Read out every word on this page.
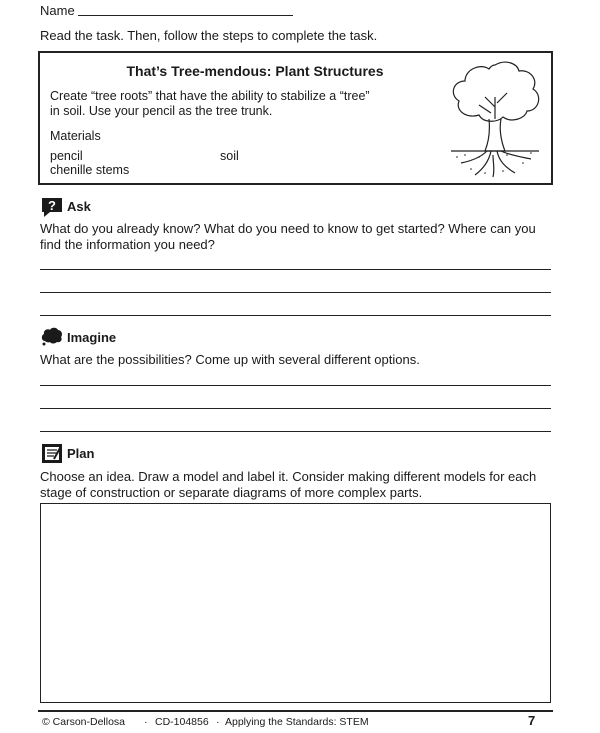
Name
Read the task. Then, follow the steps to complete the task.
That’s Tree-mendous: Plant Structures
Create “tree roots” that have the ability to stabilize a “tree”
in soil. Use your pencil as the tree trunk.
Materials
pencil	soil
chenille stems
? Ask
What do you already know? What do you need to know to get started? Where can you
find the information you need?
Imagine
What are the possibilities? Come up with several different options.
Plan
Choose an idea. Draw a model and label it. Consider making different models for each
stage of construction or separate diagrams of more complex parts.
© Carson-Dellosa · CD-104856 · Applying the Standards: STEM	7
